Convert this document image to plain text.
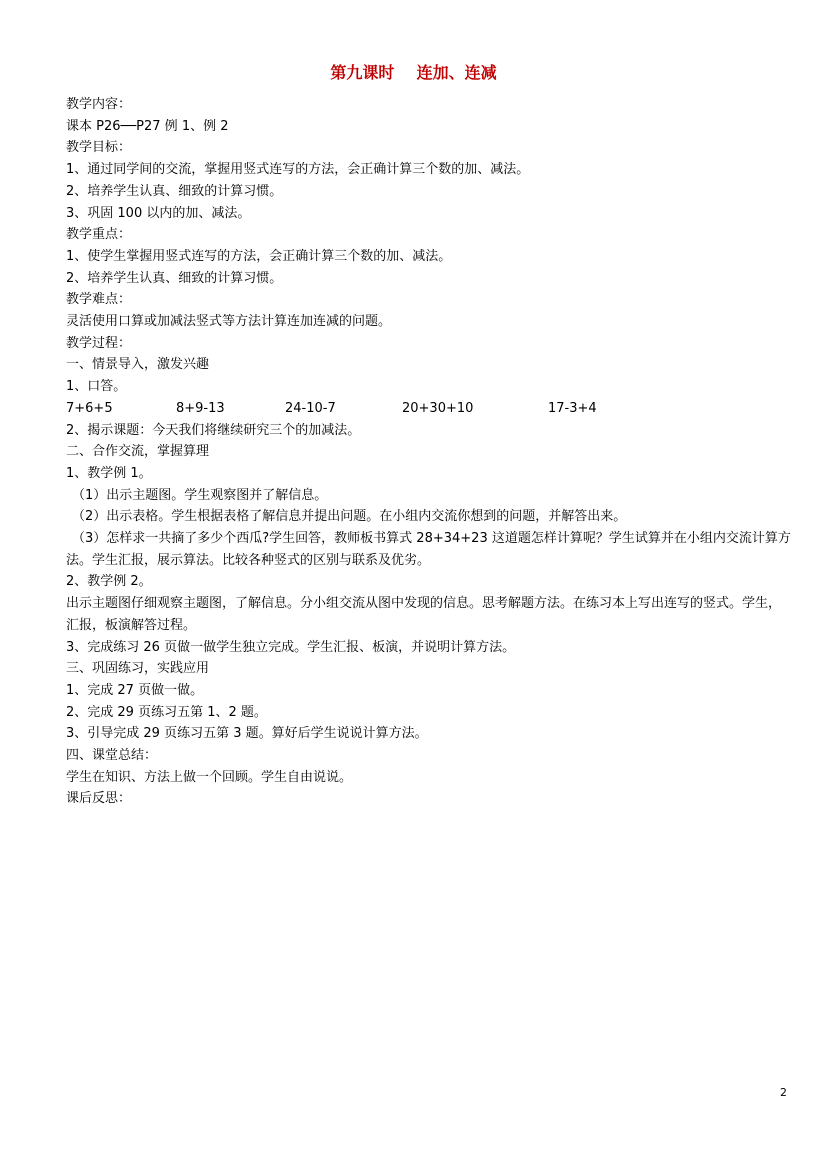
第九课时    连加、连减

教学内容：

课本 P26──P27 例 1、例 2

教学目标：

1、通过同学间的交流，掌握用竖式连写的方法，会正确计算三个数的加、减法。

2、培养学生认真、细致的计算习惯。

3、巩固 100 以内的加、减法。

教学重点：

1、使学生掌握用竖式连写的方法，会正确计算三个数的加、减法。

2、培养学生认真、细致的计算习惯。

教学难点：

灵活使用口算或加减法竖式等方法计算连加连减的问题。

教学过程：

一、情景导入，激发兴趣

1、口答。

7+6+5	8+9-13	24-10-7	20+30+10	17-3+4

2、揭示课题：今天我们将继续研究三个的加减法。

二、合作交流，掌握算理

1、教学例 1。

（1）出示主题图。学生观察图并了解信息。

（2）出示表格。学生根据表格了解信息并提出问题。在小组内交流你想到的问题，并解答出来。

（3）怎样求一共摘了多少个西瓜?学生回答，教师板书算式 28+34+23 这道题怎样计算呢？学生试算并在小组内交流计算方法。学生汇报，展示算法。比较各种竖式的区别与联系及优劣。

2、教学例 2。

出示主题图仔细观察主题图，了解信息。分小组交流从图中发现的信息。思考解题方法。在练习本上写出连写的竖式。学生，汇报，板演解答过程。

3、完成练习 26 页做一做学生独立完成。学生汇报、板演，并说明计算方法。

三、巩固练习，实践应用

1、完成 27 页做一做。

2、完成 29 页练习五第 1、2 题。

3、引导完成 29 页练习五第 3 题。算好后学生说说计算方法。

四、课堂总结：

学生在知识、方法上做一个回顾。学生自由说说。

课后反思：

2
